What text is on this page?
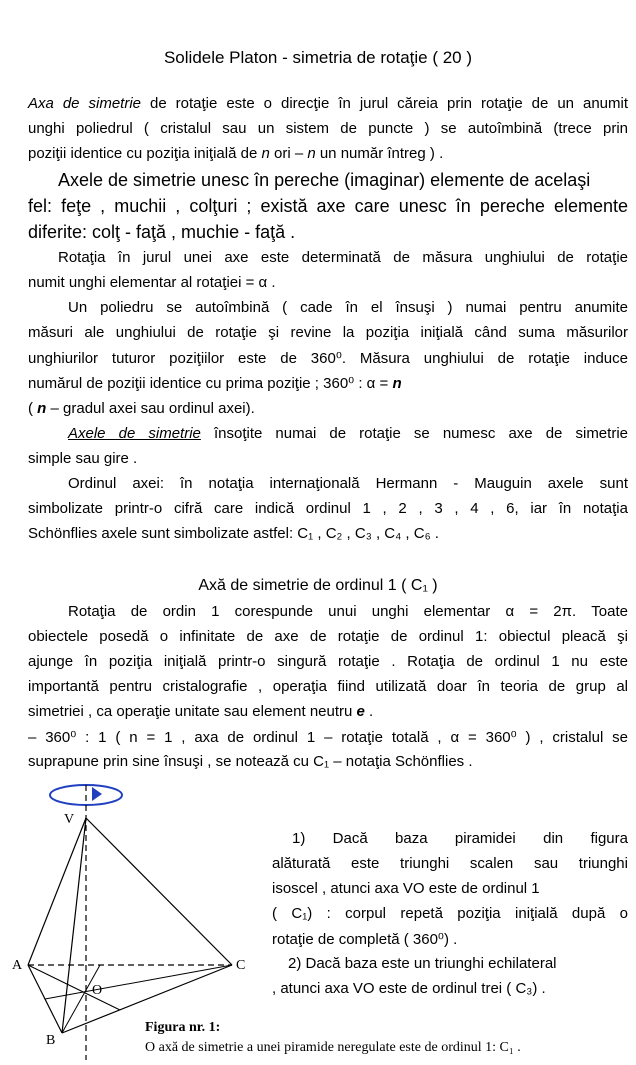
Solidele Platon - simetria de rotaţie ( 20 )
Axa de simetrie de rotaţie este o direcţie în jurul căreia prin rotaţie de un anumit
unghi poliedrul ( cristalul sau un sistem de puncte ) se autoîmbină (trece prin
poziţii identice cu poziţia iniţială de n ori – n un număr întreg ) .
Axele de simetrie unesc în pereche (imaginar) elemente de acelaşi
fel: feţe , muchii , colţuri ; există axe care unesc în pereche elemente
diferite: colţ - faţă , muchie - faţă .
Rotaţia în jurul unei axe este determinată de măsura unghiului de rotaţie
numit unghi elementar al rotaţiei = α .
Un poliedru se autoîmbină ( cade în el însuşi ) numai pentru anumite
măsuri ale unghiului de rotaţie şi revine la poziţia iniţială când suma măsurilor
unghiurilor tuturor poziţiilor este de 360⁰. Măsura unghiului de rotaţie induce
numărul de poziţii identice cu prima poziţie ; 360⁰ : α = n
( n – gradul axei sau ordinul axei).
Axele de simetrie însoţite numai de rotaţie se numesc axe de simetrie
simple sau gire .
Ordinul axei: în notaţia internaţională Hermann - Mauguin axele sunt
simbolizate printr-o cifră care indică ordinul 1 , 2 , 3 , 4 , 6, iar în notaţia
Schönflies axele sunt simbolizate astfel: C₁ , C₂ , C₃ , C₄ , C₆ .
Axă de simetrie de ordinul 1 ( C₁ )
Rotaţia de ordin 1 corespunde unui unghi elementar α = 2π. Toate
obiectele posedă o infinitate de axe de rotaţie de ordinul 1: obiectul pleacă şi
ajunge în poziţia iniţială printr-o singură rotaţie . Rotaţia de ordinul 1 nu este
importantă pentru cristalografie , operaţia fiind utilizată doar în teoria de grup al
simetriei , ca operaţie unitate sau element neutru e .
– 360⁰ : 1 ( n = 1 , axa de ordinul 1 – rotaţie totală , α = 360⁰ ) , cristalul se
suprapune prin sine însuşi , se notează cu C₁ – notaţia Schönflies .
1) Dacă baza piramidei din figura
alăturată este triunghi scalen sau triunghi
isoscel , atunci axa VO este de ordinul 1
( C₁) : corpul repetă poziţia iniţială după o
rotaţie de completă ( 360⁰) .
2) Dacă baza este un triunghi echilateral
, atunci axa VO este de ordinul trei ( C₃) .
V
A	C
B
O
Figura nr. 1:
O axă de simetrie a unei piramide neregulate este de ordinul 1: C₁ .
